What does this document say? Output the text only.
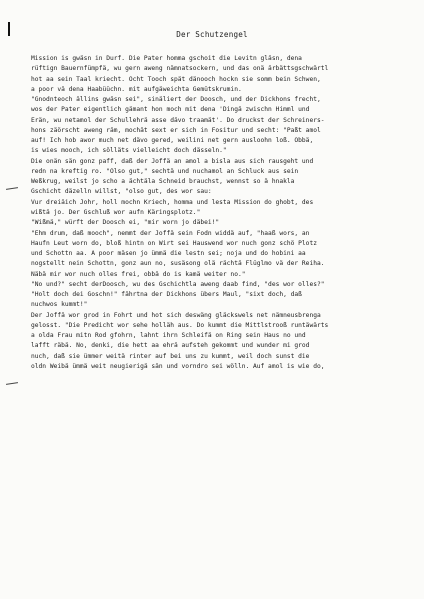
Der Schutzengel
Mission is gwäsn in Durf. Die Pater homma gschoit die Levitn gläsn, dena
rüftign Bauernfümpfä, wu gern aweng nämnatsockern, und das onä ärbättsgschwärtl
hot aa sein Taal kriecht. Ocht Tooch spät dänooch hockn sie somm bein Schwen,
a poor vä dena Haabüüchn. mit aufgäweichta Gemütskrumin.
"Gnodnteoch ällins gwäsn sei", sinäliert der Doosch, und der Dickhons frecht,
wos der Pater eigentlich gämant hon moch mit dena 'Dingä zwischn Himml und
Erän, wu netamol der Schullehrä asse dävo traamät'. Do druckst der Schreiners-
hons zäörscht aweng räm, mochät sext er sich in Fositur und secht: "Paßt amol
auf! Ich hob awor much net dävo gered, weilini net gern ausloohn loß. Obbä,
is wies mooch, ich sölläts vielleicht doch dässeln."
Die onän sän gonz paff, daß der Joffä an amol a bisla aus sich rausgeht und
redn na kreftig ro. "Olso gut," sechtä und nuchamol an Schluck aus sein
Weßkrug, weilst jo scho a ächtäla Schneid brauchst, wennst so ä hnakla
Gschicht däzelln willst, "olso gut, des wor sau:
Vur dreiäich Johr, holl mochn Kriech, homma und lesta Mission do ghobt, des
wißtä jo. Der Gschluß wor aufn Käringsplotz."
"Wißmä," würft der Doosch ei, "mir worn jo däbei!"
"Ehm drum, daß mooch", nemmt der Joffä sein Fodn widdä auf, "haaß wors, an
Haufn Leut worn do, bloß hintn on Wirt sei Hauswend wor nuch gonz schö Plotz
und Schottn aa. A poor mäsen jo ümmä die lestn sei; noja und do hobini aa
nogstellt nein Schottn, gonz aun no, susäsong olä rächtä Flüglmo vä der Reiha.
Näbä mir wor nuch olles frei, obbä do is kamä weiter no."
"No und?" secht derDoosch, wu des Gschichtla aweng daab find, "des wor olles?"
"Holt doch dei Goschn!" fährtna der Dickhons übers Maul, "sixt doch, daß
nuchwos kummt!"
Der Joffä wor grod in Fohrt und hot sich deswäng gläckswels net nämneusbrenga
gelosst. "Die Predicht wor sehe holläh aus. Do kummt die Mittlstrooß runtäwärts
a olda Frau mitn Rod gfohrn, lahnt ihrn Schleifä on Ring sein Haus no und
lafft räbä. No, denki, die hett aa ehrä aufsteh gekommt und wunder mi grod
nuch, daß sie ümmer weitä rinter auf bei uns zu kummt, weil doch sunst die
oldn Weibä ümmä weit neugierigä sän und vorndro sei wölln. Auf amol is wie do,
